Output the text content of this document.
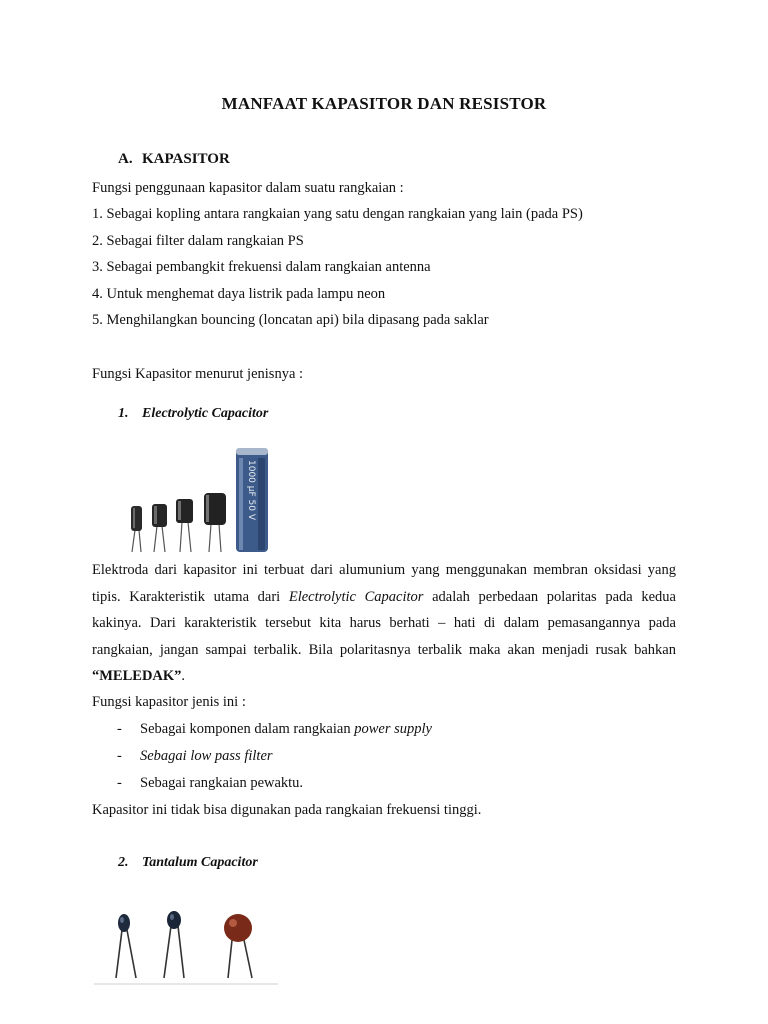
MANFAAT KAPASITOR DAN RESISTOR
A. KAPASITOR
Fungsi penggunaan kapasitor dalam suatu rangkaian :
1. Sebagai kopling antara rangkaian yang satu dengan rangkaian yang lain (pada PS)
2. Sebagai filter dalam rangkaian PS
3. Sebagai pembangkit frekuensi dalam rangkaian antenna
4. Untuk menghemat daya listrik pada lampu neon
5. Menghilangkan bouncing (loncatan api) bila dipasang pada saklar
Fungsi Kapasitor menurut jenisnya :
1. Electrolytic Capacitor
1000 µF 50 V
Elektroda dari kapasitor ini terbuat dari alumunium yang menggunakan membran oksidasi yang tipis. Karakteristik utama dari Electrolytic Capacitor adalah perbedaan polaritas pada kedua kakinya. Dari karakteristik tersebut kita harus berhati – hati di dalam pemasangannya pada rangkaian, jangan sampai terbalik. Bila polaritasnya terbalik maka akan menjadi rusak bahkan “MELEDAK”.
Fungsi kapasitor jenis ini :
- Sebagai komponen dalam rangkaian power supply
- Sebagai low pass filter
- Sebagai rangkaian pewaktu.
Kapasitor ini tidak bisa digunakan pada rangkaian frekuensi tinggi.
2. Tantalum Capacitor
